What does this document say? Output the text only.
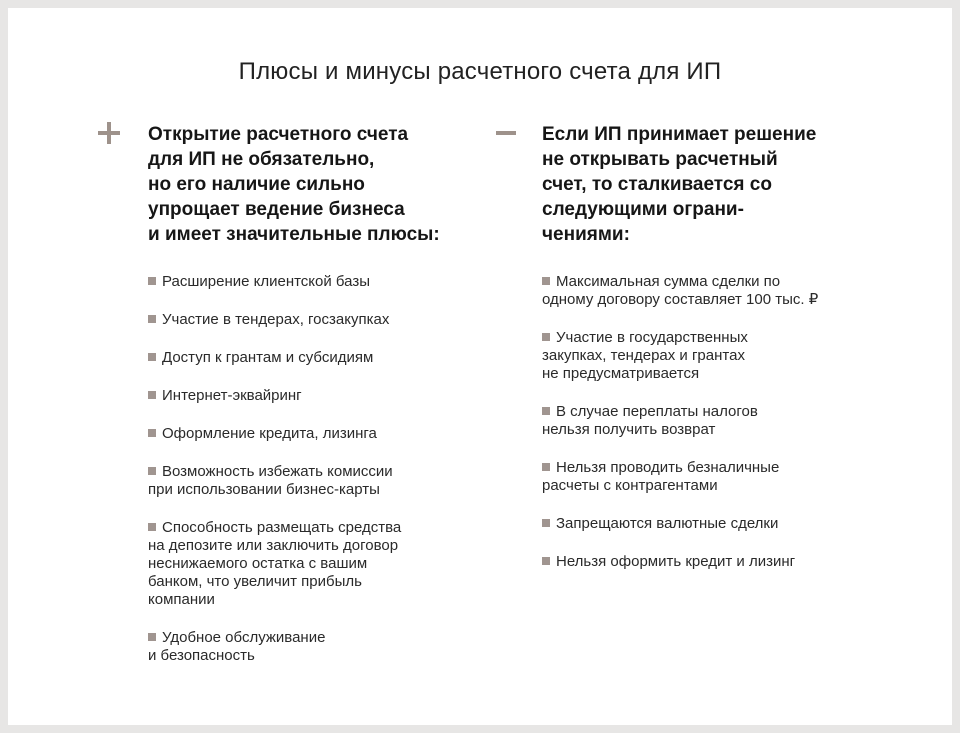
Плюсы и минусы расчетного счета для ИП
Открытие расчетного счета
для ИП не обязательно,
но его наличие сильно
упрощает ведение бизнеса
и имеет значительные плюсы:
Расширение клиентской базы
Участие в тендерах, госзакупках
Доступ к грантам и субсидиям
Интернет-эквайринг
Оформление кредита, лизинга
Возможность избежать комиссии
при использовании бизнес-карты
Способность размещать средства
на депозите или заключить договор
неснижаемого остатка с вашим
банком, что увеличит прибыль
компании
Удобное обслуживание
и безопасность
Если ИП принимает решение
не открывать расчетный
счет, то сталкивается со
следующими ограни-
чениями:
Максимальная сумма сделки по
одному договору составляет 100 тыс. ₽
Участие в государственных
закупках, тендерах и грантах
не предусматривается
В случае переплаты налогов
нельзя получить возврат
Нельзя проводить безналичные
расчеты с контрагентами
Запрещаются валютные сделки
Нельзя оформить кредит и лизинг
